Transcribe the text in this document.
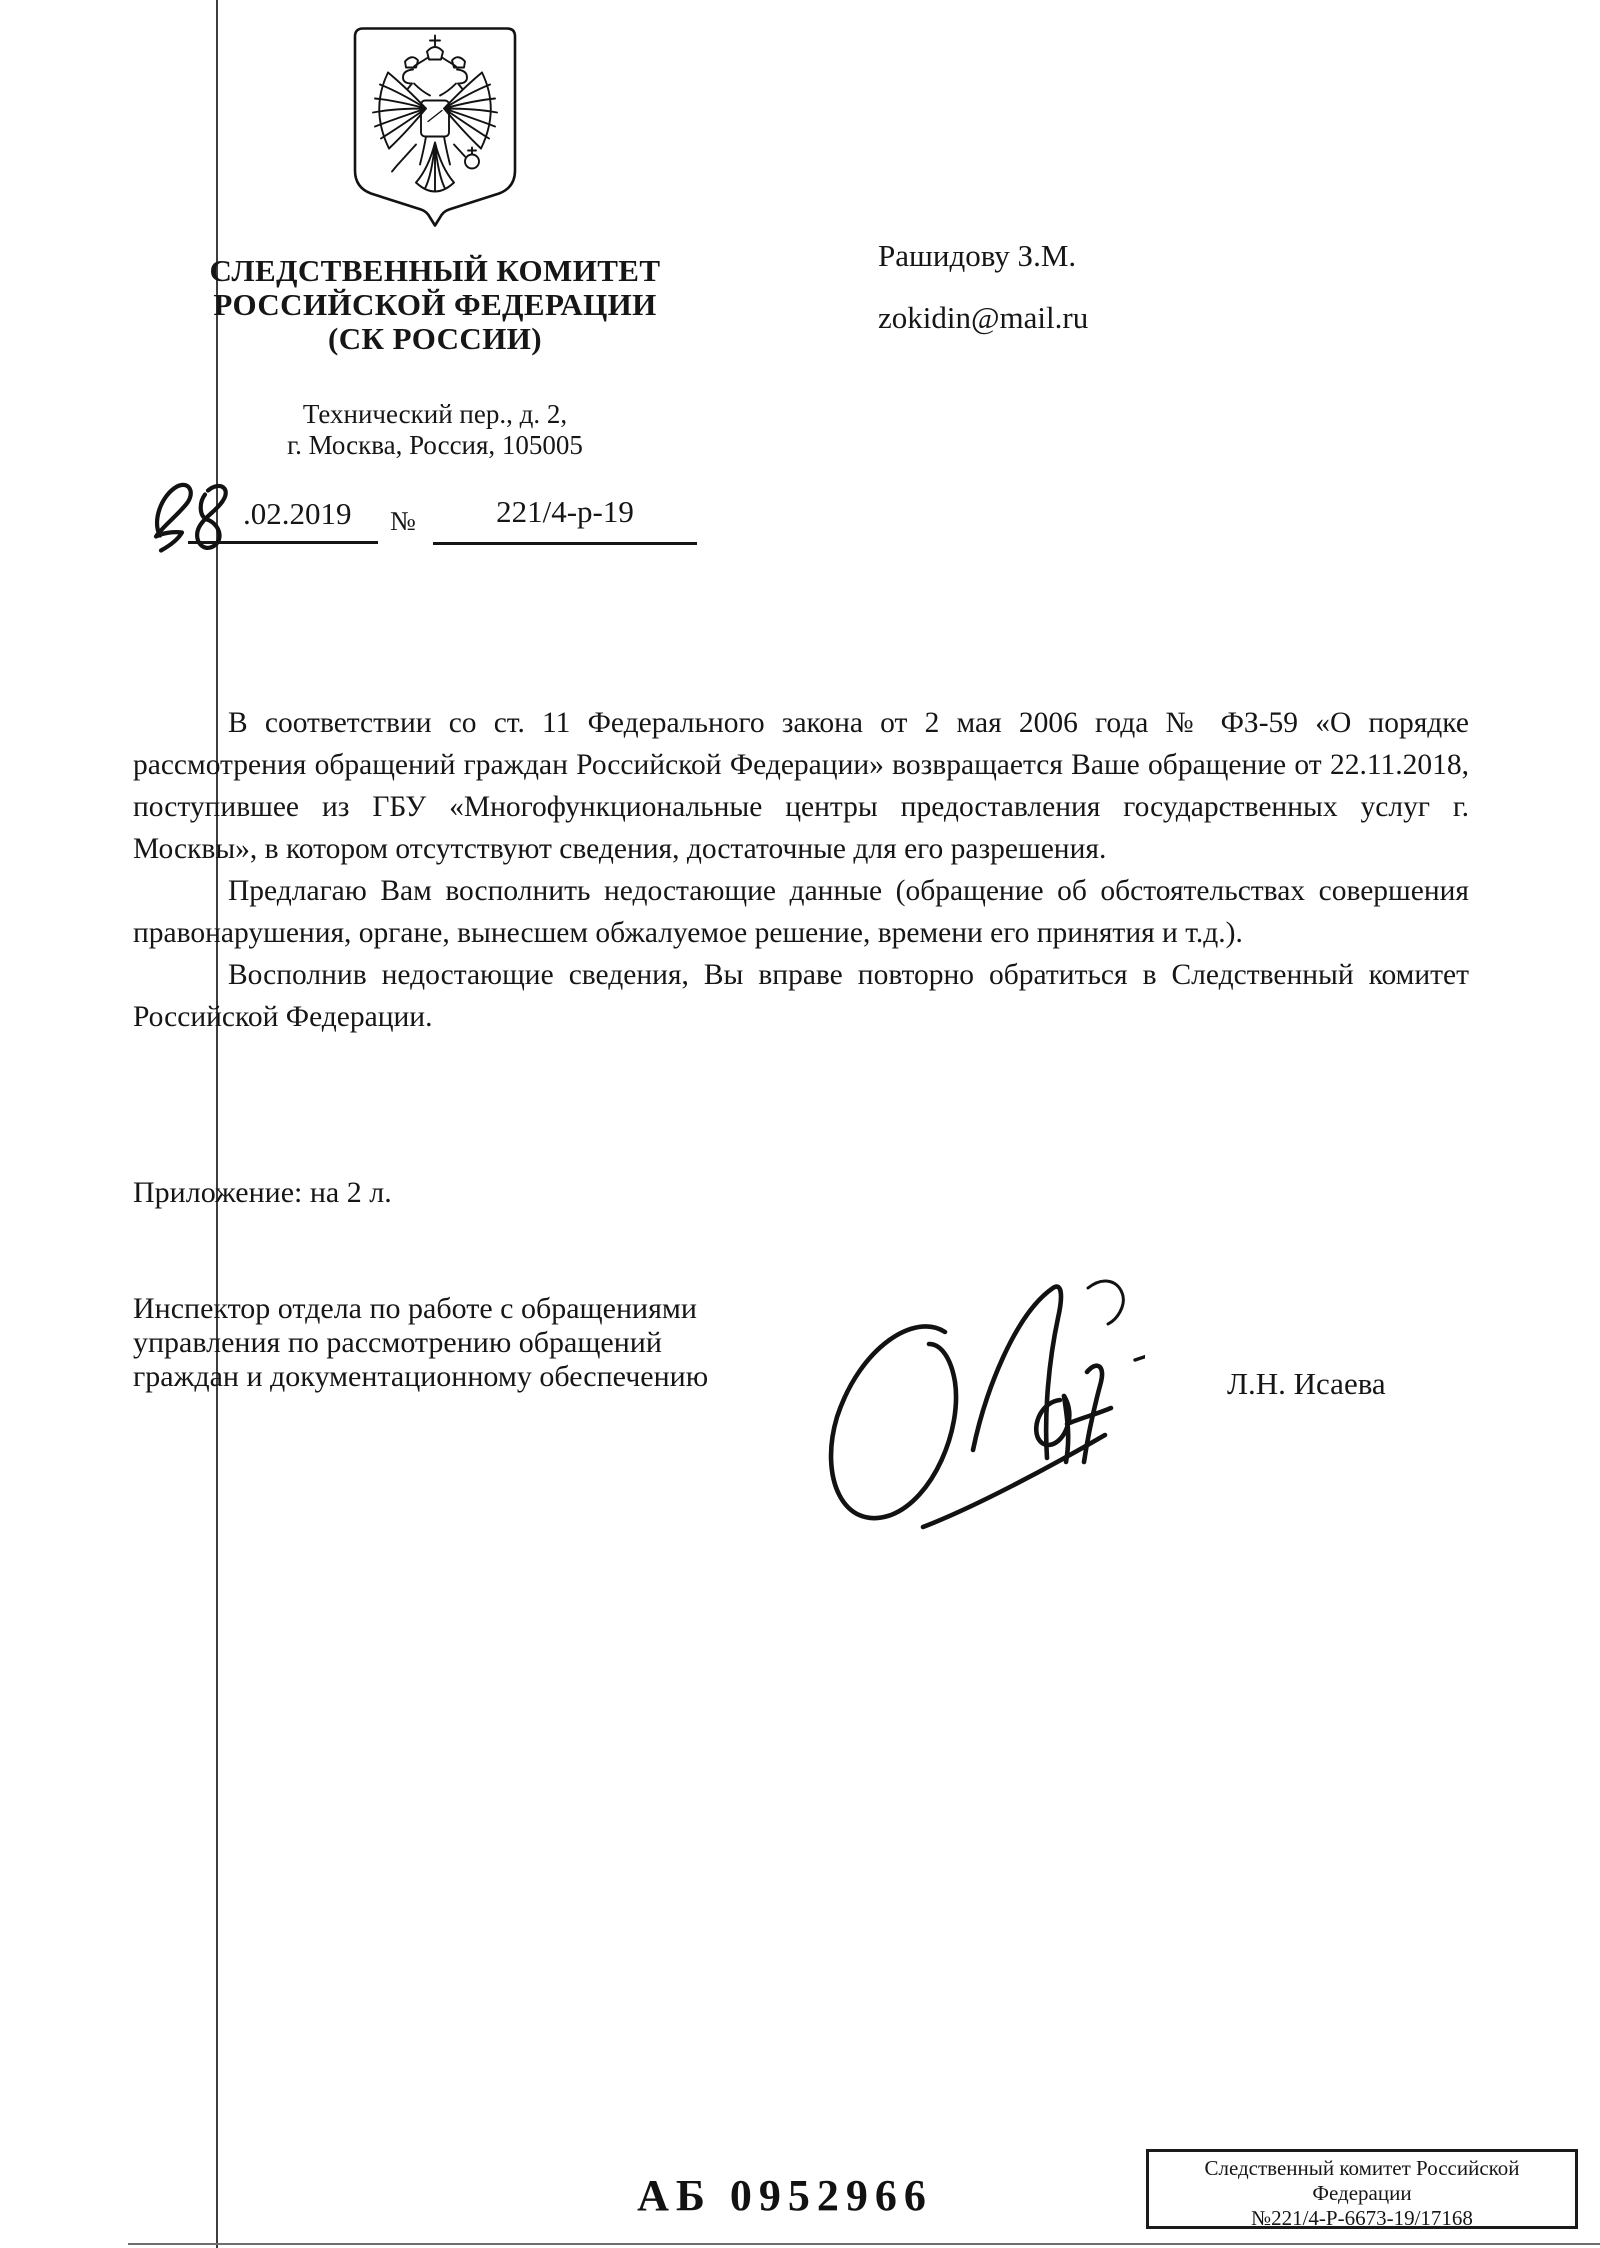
СЛЕДСТВЕННЫЙ КОМИТЕТ
РОССИЙСКОЙ ФЕДЕРАЦИИ
(СК РОССИИ)
Технический пер., д. 2,
г. Москва, Россия, 105005
.02.2019 №	221/4-р-19
Рашидову З.М.
zokidin@mail.ru

В соответствии со ст. 11 Федерального закона от 2 мая 2006 года № ФЗ-59 «О порядке рассмотрения обращений граждан Российской Федерации» возвращается Ваше обращение от 22.11.2018, поступившее из ГБУ «Многофункциональные центры предоставления государственных услуг г. Москвы», в котором отсутствуют сведения, достаточные для его разрешения.

Предлагаю Вам восполнить недостающие данные (обращение об обстоятельствах совершения правонарушения, органе, вынесшем обжалуемое решение, времени его принятия и т.д.).

Восполнив недостающие сведения, Вы вправе повторно обратиться в Следственный комитет Российской Федерации.

Приложение: на 2 л.
Инспектор отдела по работе с обращениями
управления по рассмотрению обращений
граждан и документационному обеспечению	Л.Н. Исаева
АБ 0952966
Следственный комитет Российской
Федерации
№221/4-Р-6673-19/17168
